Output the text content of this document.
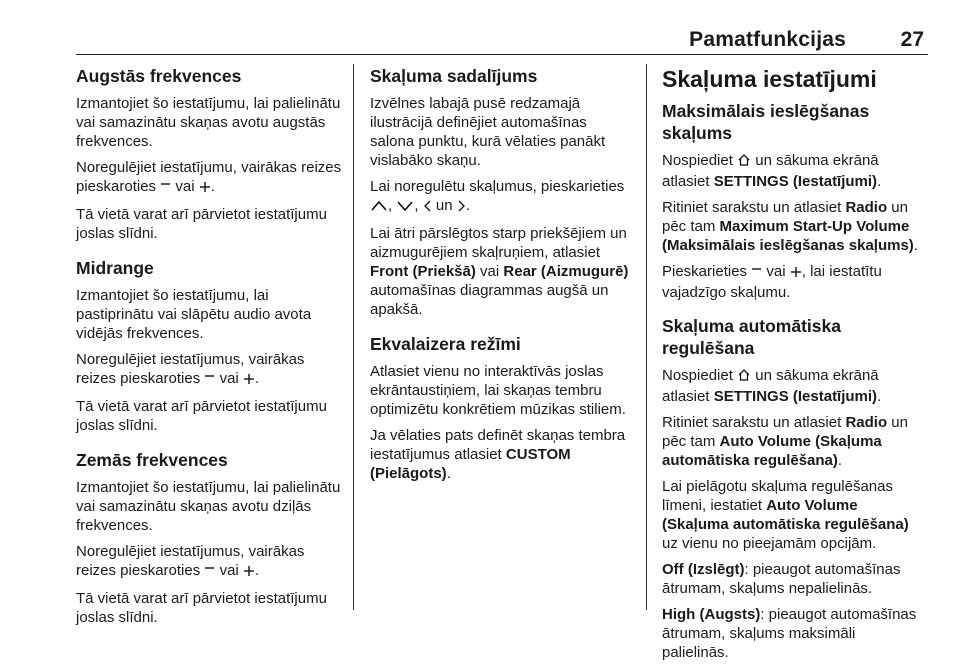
Pamatfunkcijas	27
Augstās frekvences

Izmantojiet šo iestatījumu, lai palielinātu vai samazinātu skaņas avotu augstās frekvences.

Noregulējiet iestatījumu, vairākas reizes pieskaroties vai .

Tā vietā varat arī pārvietot iestatījumu joslas slīdni.

Midrange

Izmantojiet šo iestatījumu, lai pastiprinātu vai slāpētu audio avota vidējās frekvences.

Noregulējiet iestatījumus, vairākas reizes pieskaroties vai .

Tā vietā varat arī pārvietot iestatījumu joslas slīdni.

Zemās frekvences

Izmantojiet šo iestatījumu, lai palielinātu vai samazinātu skaņas avotu dziļās frekvences.

Noregulējiet iestatījumus, vairākas reizes pieskaroties vai .

Tā vietā varat arī pārvietot iestatījumu joslas slīdni.

Skaļuma sadalījums

Izvēlnes labajā pusē redzamajā ilustrācijā definējiet automašīnas salona punktu, kurā vēlaties panākt vislabāko skaņu.

Lai noregulētu skaļumus, pieskarieties , ,  un .

Lai ātri pārslēgtos starp priekšējiem un aizmugurējiem skaļruņiem, atlasiet Front (Priekšā) vai Rear (Aizmugurē) automašīnas diagrammas augšā un apakšā.

Ekvalaizera režīmi

Atlasiet vienu no interaktīvās joslas ekrāntaustiņiem, lai skaņas tembru optimizētu konkrētiem mūzikas stiliem.

Ja vēlaties pats definēt skaņas tembra iestatījumus atlasiet CUSTOM (Pielāgots).

Skaļuma iestatījumi
Maksimālais ieslēgšanas skaļums

Nospiediet un sākuma ekrānā atlasiet SETTINGS (Iestatījumi).

Ritiniet sarakstu un atlasiet Radio un pēc tam Maximum Start-Up Volume (Maksimālais ieslēgšanas skaļums).

Pieskarieties vai , lai iestatītu vajadzīgo skaļumu.

Skaļuma automātiska regulēšana

Nospiediet un sākuma ekrānā atlasiet SETTINGS (Iestatījumi).

Ritiniet sarakstu un atlasiet Radio un pēc tam Auto Volume (Skaļuma automātiska regulēšana).

Lai pielāgotu skaļuma regulēšanas līmeni, iestatiet Auto Volume (Skaļuma automātiska regulēšana) uz vienu no pieejamām opcijām.

Off (Izslēgt): pieaugot automašīnas ātrumam, skaļums nepalielinās.

High (Augsts): pieaugot automašīnas ātrumam, skaļums maksimāli palielinās.
